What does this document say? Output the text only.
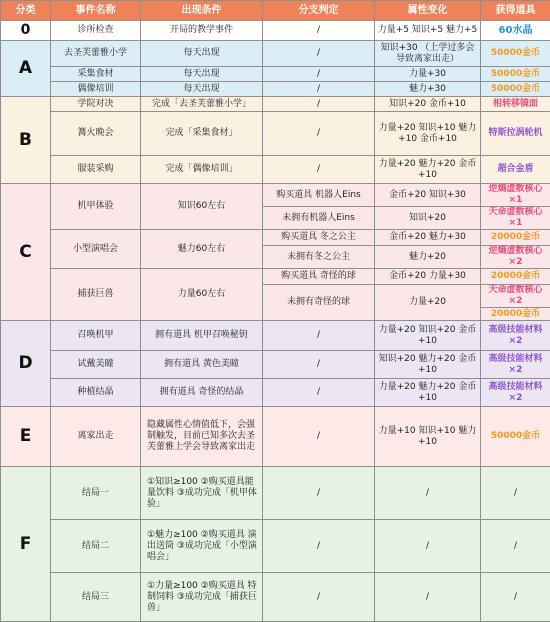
分类	事件名称	出现条件	分支判定	属性变化	获得道具
0	诊所检查	开局的教学事件	/	力量+5 知识+5 魅力+5	60水晶
A	去圣芙蕾雅小学	每天出现	/	知识+30 （上学过多会导致离家出走）	50000金币
	采集食材	每天出现	/	力量+30	50000金币
	偶像培训	每天出现	/	魅力+30	50000金币
B	学院对决	完成「去圣芙蕾雅小学」	/	知识+20 金币+10	相转移镜面
	篝火晚会	完成「采集食材」	/	力量+20 知识+10 魅力+10 金币+10	特斯拉涡轮机
	服装采购	完成「偶像培训」	/	力量+20 魅力+20 金币+10	超合金盾
C	机甲体验	知识60左右	购买道具 机器人Eins	金币+20 知识+30	逆熵虚数核心 ×1
			未拥有机器人Eins	知识+20	天命虚数核心 ×1
	小型演唱会	魅力60左右	购买道具 冬之公主	金币+20 魅力+30	20000金币
			未拥有冬之公主	魅力+20	逆熵虚数核心 ×2
	捕获巨兽	力量60左右	购买道具 奇怪的球	金币+20 力量+30	20000金币
			未拥有奇怪的球	力量+20	天命虚数核心 ×2
					20000金币
D	召唤机甲	拥有道具 机甲召唤秘钥	/	力量+20 知识+20 金币+10	高级技能材料 ×2
	试戴美瞳	拥有道具 黄色美瞳	/	知识+20 魅力+20 金币+10	高级技能材料 ×2
	种植结晶	拥有道具 奇怪的结晶	/	力量+20 魅力+20 金币+10	高级技能材料 ×2
E	离家出走	隐藏属性心情值低下，会强制触发，目前已知多次去圣芙蕾雅上学会导致离家出走	/	力量+10 知识+10 魅力+10	50000金币
F	结局一	①知识≥100 ②购买道具能量饮料 ③成功完成「机甲体验」	/	/	/
	结局二	①魅力≥100 ②购买道具 演出送筒 ③成功完成「小型演唱会」	/	/	/
	结局三	①力量≥100 ②购买道具 特制饲料 ③成功完成「捕获巨兽」	/	/	/
